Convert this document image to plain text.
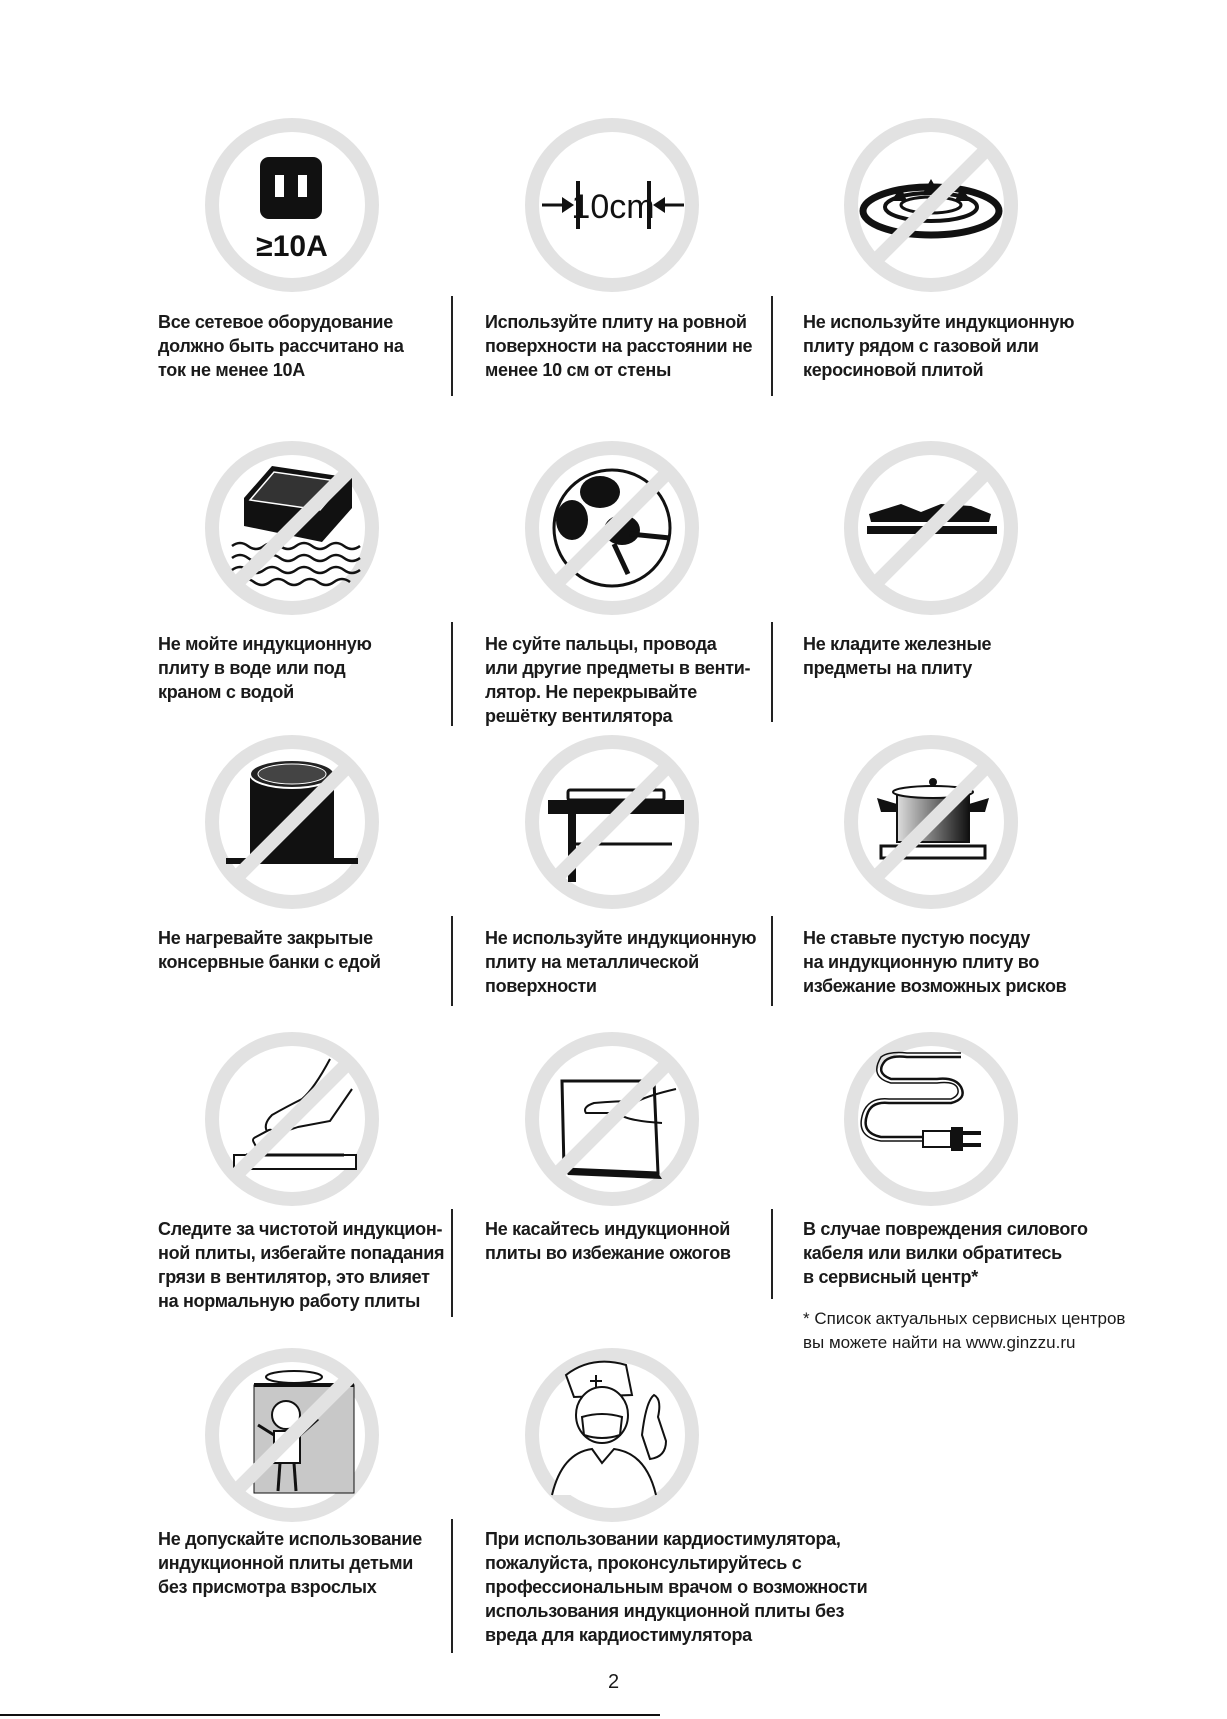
≥10A
10cm
Все сетевое оборудование
должно быть рассчитано на
ток не менее 10А
Используйте плиту на ровной
поверхности на расстоянии не
менее 10 см от стены
Не используйте индукционную
плиту рядом с газовой или
керосиновой плитой
Не мойте индукционную
плиту в воде или под
краном с водой
Не суйте пальцы, провода
или другие предметы в венти-
лятор. Не перекрывайте
решётку вентилятора
Не кладите железные
предметы на плиту
Не нагревайте закрытые
консервные банки с едой
Не используйте индукционную
плиту на металлической
поверхности
Не ставьте пустую посуду
на индукционную плиту во
избежание возможных рисков
Следите за чистотой индукцион-
ной плиты, избегайте попадания
грязи в вентилятор, это влияет
на нормальную работу плиты
Не касайтесь индукционной
плиты во избежание ожогов
В случае повреждения силового
кабеля или вилки обратитесь
в сервисный центр*
* Список актуальных сервисных центров
вы можете найти на www.ginzzu.ru
Не допускайте использование
индукционной плиты детьми
без присмотра взрослых
При использовании кардиостимулятора,
пожалуйста, проконсультируйтесь с
профессиональным врачом о возможности
использования индукционной плиты без
вреда для кардиостимулятора
2
